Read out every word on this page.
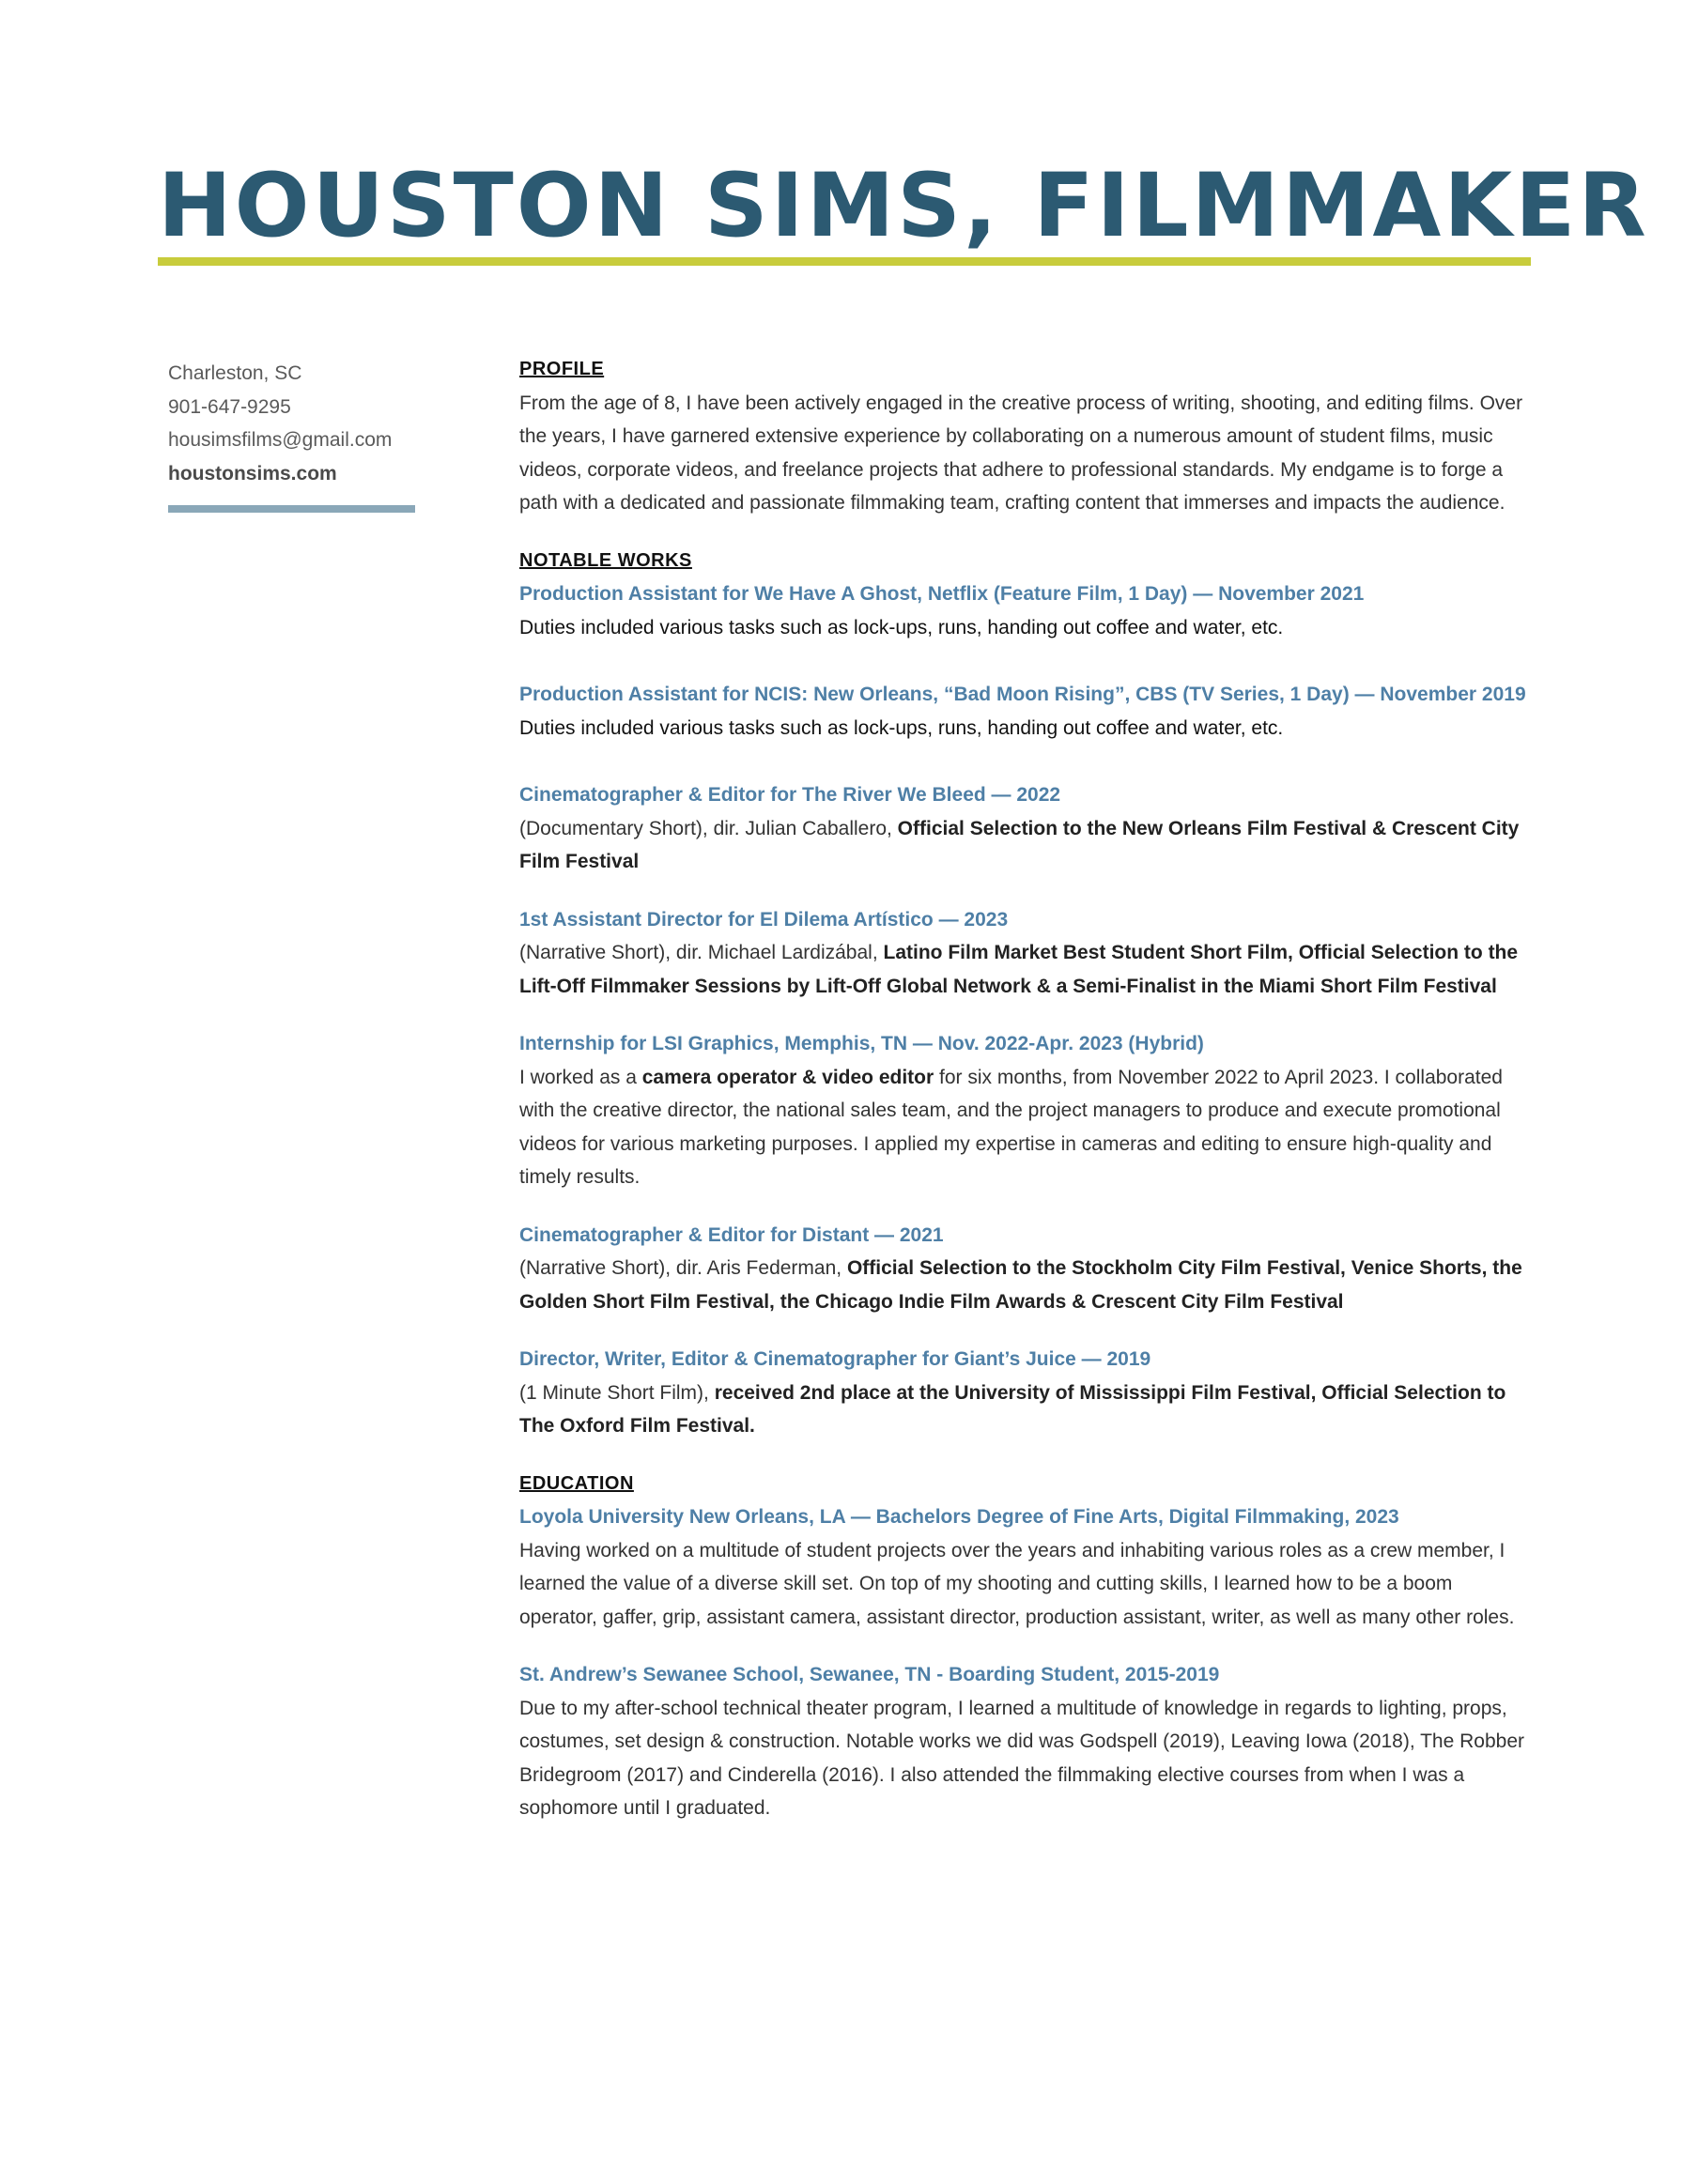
HOUSTON SIMS, FILMMAKER
Charleston, SC
901-647-9295
housimsfilms@gmail.com
houstonsims.com
PROFILE

From the age of 8, I have been actively engaged in the creative process of writing, shooting, and editing films. Over the years, I have garnered extensive experience by collaborating on a numerous amount of student films, music videos, corporate videos, and freelance projects that adhere to professional standards. My endgame is to forge a path with a dedicated and passionate filmmaking team, crafting content that immerses and impacts the audience.

NOTABLE WORKS

Production Assistant for We Have A Ghost, Netflix (Feature Film, 1 Day) — November 2021

Duties included various tasks such as lock-ups, runs, handing out coffee and water, etc.

Production Assistant for NCIS: New Orleans, “Bad Moon Rising”, CBS (TV Series, 1 Day) — November 2019

Duties included various tasks such as lock-ups, runs, handing out coffee and water, etc.

Cinematographer & Editor for The River We Bleed — 2022

(Documentary Short), dir. Julian Caballero, Official Selection to the New Orleans Film Festival & Crescent City Film Festival

1st Assistant Director for El Dilema Artístico — 2023

(Narrative Short), dir. Michael Lardizábal, Latino Film Market Best Student Short Film, Official Selection to the Lift-Off Filmmaker Sessions by Lift-Off Global Network & a Semi-Finalist in the Miami Short Film Festival

Internship for LSI Graphics, Memphis, TN — Nov. 2022-Apr. 2023 (Hybrid)

I worked as a camera operator & video editor for six months, from November 2022 to April 2023. I collaborated with the creative director, the national sales team, and the project managers to produce and execute promotional videos for various marketing purposes. I applied my expertise in cameras and editing to ensure high-quality and timely results.

Cinematographer & Editor for Distant — 2021

(Narrative Short), dir. Aris Federman, Official Selection to the Stockholm City Film Festival, Venice Shorts, the Golden Short Film Festival, the Chicago Indie Film Awards & Crescent City Film Festival

Director, Writer, Editor & Cinematographer for Giant’s Juice — 2019

(1 Minute Short Film), received 2nd place at the University of Mississippi Film Festival, Official Selection to The Oxford Film Festival.

EDUCATION

Loyola University New Orleans, LA — Bachelors Degree of Fine Arts, Digital Filmmaking, 2023

Having worked on a multitude of student projects over the years and inhabiting various roles as a crew member, I learned the value of a diverse skill set. On top of my shooting and cutting skills, I learned how to be a boom operator, gaffer, grip, assistant camera, assistant director, production assistant, writer, as well as many other roles.

St. Andrew’s Sewanee School, Sewanee, TN - Boarding Student, 2015-2019

Due to my after-school technical theater program, I learned a multitude of knowledge in regards to lighting, props, costumes, set design & construction. Notable works we did was Godspell (2019), Leaving Iowa (2018), The Robber Bridegroom (2017) and Cinderella (2016). I also attended the filmmaking elective courses from when I was a sophomore until I graduated.
